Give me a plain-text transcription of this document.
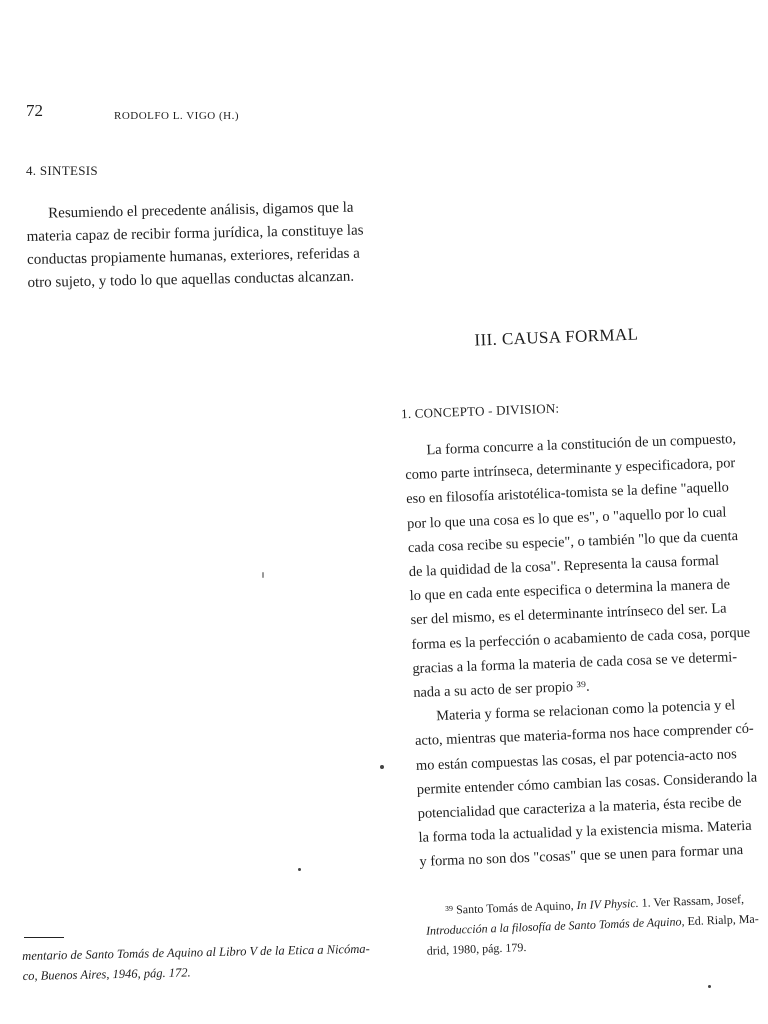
72	RODOLFO L. VIGO (H.)
4. SINTESIS
Resumiendo el precedente análisis, digamos que la
materia capaz de recibir forma jurídica, la constituye las
conductas propiamente humanas, exteriores, referidas a
otro sujeto, y todo lo que aquellas conductas alcanzan.
mentario de Santo Tomás de Aquino al Libro V de la Etica a Nicóma-
co, Buenos Aires, 1946, pág. 172.
III. CAUSA FORMAL
1. CONCEPTO - DIVISION:
La forma concurre a la constitución de un compuesto,
como parte intrínseca, determinante y especificadora, por
eso en filosofía aristotélica-tomista se la define "aquello
por lo que una cosa es lo que es", o "aquello por lo cual
cada cosa recibe su especie", o también "lo que da cuenta
de la quididad de la cosa". Representa la causa formal
lo que en cada ente especifica o determina la manera de
ser del mismo, es el determinante intrínseco del ser. La
forma es la perfección o acabamiento de cada cosa, porque
gracias a la forma la materia de cada cosa se ve determi-
nada a su acto de ser propio ³⁹.
Materia y forma se relacionan como la potencia y el
acto, mientras que materia-forma nos hace comprender có-
mo están compuestas las cosas, el par potencia-acto nos
permite entender cómo cambian las cosas. Considerando la
potencialidad que caracteriza a la materia, ésta recibe de
la forma toda la actualidad y la existencia misma. Materia
y forma no son dos "cosas" que se unen para formar una
³⁹ Santo Tomás de Aquino, In IV Physic. 1. Ver Rassam, Josef,
Introducción a la filosofía de Santo Tomás de Aquino, Ed. Rialp, Ma-
drid, 1980, pág. 179.
